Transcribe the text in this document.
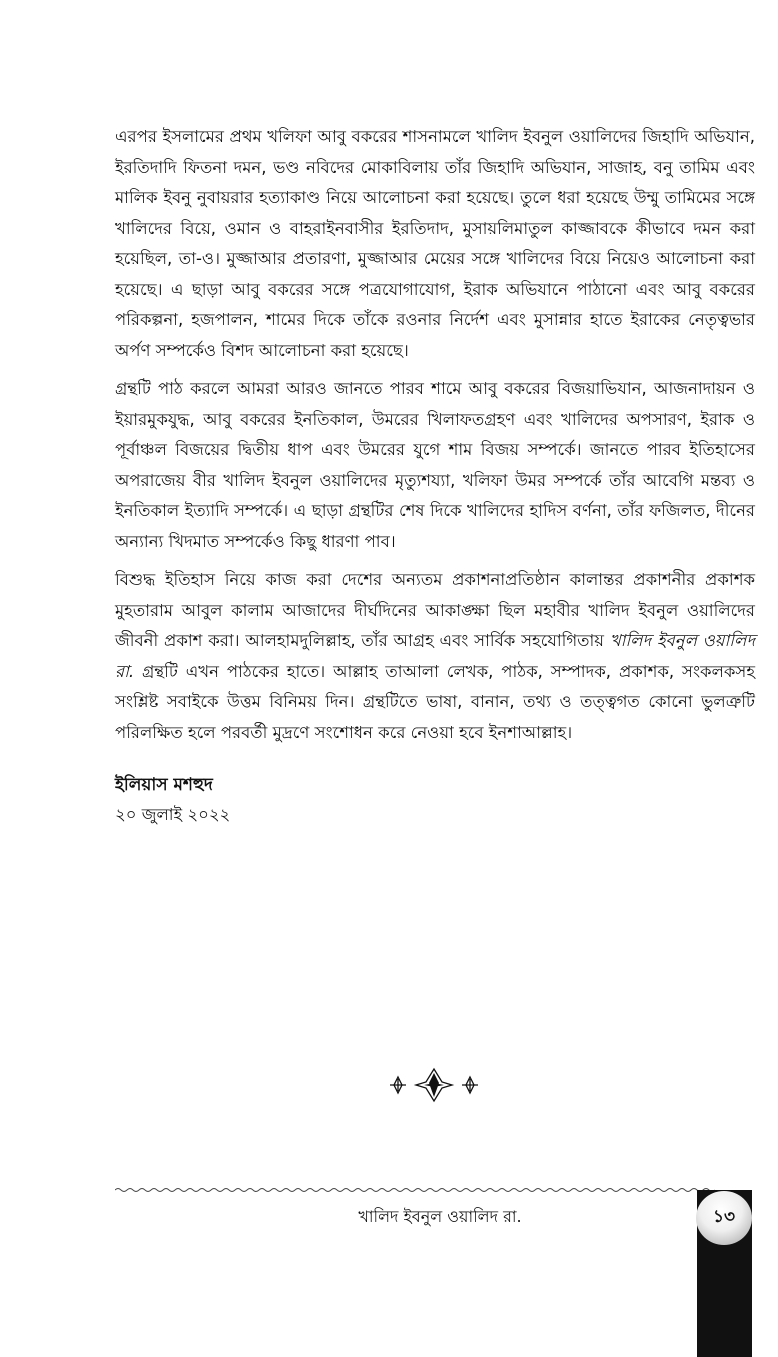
এরপর ইসলামের প্রথম খলিফা আবু বকরের শাসনামলে খালিদ ইবনুল ওয়ালিদের জিহাদি অভিযান, ইরতিদাদি ফিতনা দমন, ভণ্ড নবিদের মোকাবিলায় তাঁর জিহাদি অভিযান, সাজাহ, বনু তামিম এবং মালিক ইবনু নুবায়রার হত্যাকাণ্ড নিয়ে আলোচনা করা হয়েছে। তুলে ধরা হয়েছে উম্মু তামিমের সঙ্গে খালিদের বিয়ে, ওমান ও বাহরাইনবাসীর ইরতিদাদ, মুসায়লিমাতুল কাজ্জাবকে কীভাবে দমন করা হয়েছিল, তা-ও। মুজ্জাআর প্রতারণা, মুজ্জাআর মেয়ের সঙ্গে খালিদের বিয়ে নিয়েও আলোচনা করা হয়েছে। এ ছাড়া আবু বকরের সঙ্গে পত্রযোগাযোগ, ইরাক অভিযানে পাঠানো এবং আবু বকরের পরিকল্পনা, হজপালন, শামের দিকে তাঁকে রওনার নির্দেশ এবং মুসান্নার হাতে ইরাকের নেতৃত্বভার অর্পণ সম্পর্কেও বিশদ আলোচনা করা হয়েছে।

গ্রন্থটি পাঠ করলে আমরা আরও জানতে পারব শামে আবু বকরের বিজয়াভিযান, আজনাদায়ন ও ইয়ারমুকযুদ্ধ, আবু বকরের ইনতিকাল, উমরের খিলাফতগ্রহণ এবং খালিদের অপসারণ, ইরাক ও পূর্বাঞ্চল বিজয়ের দ্বিতীয় ধাপ এবং উমরের যুগে শাম বিজয় সম্পর্কে। জানতে পারব ইতিহাসের অপরাজেয় বীর খালিদ ইবনুল ওয়ালিদের মৃত্যুশয্যা, খলিফা উমর সম্পর্কে তাঁর আবেগি মন্তব্য ও ইনতিকাল ইত্যাদি সম্পর্কে। এ ছাড়া গ্রন্থটির শেষ দিকে খালিদের হাদিস বর্ণনা, তাঁর ফজিলত, দীনের অন্যান্য খিদমাত সম্পর্কেও কিছু ধারণা পাব।

বিশুদ্ধ ইতিহাস নিয়ে কাজ করা দেশের অন্যতম প্রকাশনাপ্রতিষ্ঠান কালান্তর প্রকাশনীর প্রকাশক মুহতারাম আবুল কালাম আজাদের দীর্ঘদিনের আকাঙ্ক্ষা ছিল মহাবীর খালিদ ইবনুল ওয়ালিদের জীবনী প্রকাশ করা। আলহামদুলিল্লাহ, তাঁর আগ্রহ এবং সার্বিক সহযোগিতায় খালিদ ইবনুল ওয়ালিদ রা. গ্রন্থটি এখন পাঠকের হাতে। আল্লাহ তাআলা লেখক, পাঠক, সম্পাদক, প্রকাশক, সংকলকসহ সংশ্লিষ্ট সবাইকে উত্তম বিনিময় দিন। গ্রন্থটিতে ভাষা, বানান, তথ্য ও তত্ত্বগত কোনো ভুলত্রুটি পরিলক্ষিত হলে পরবর্তী মুদ্রণে সংশোধন করে নেওয়া হবে ইনশাআল্লাহ।

ইলিয়াস মশহুদ
২০ জুলাই ২০২২
খালিদ ইবনুল ওয়ালিদ রা.	১৩
